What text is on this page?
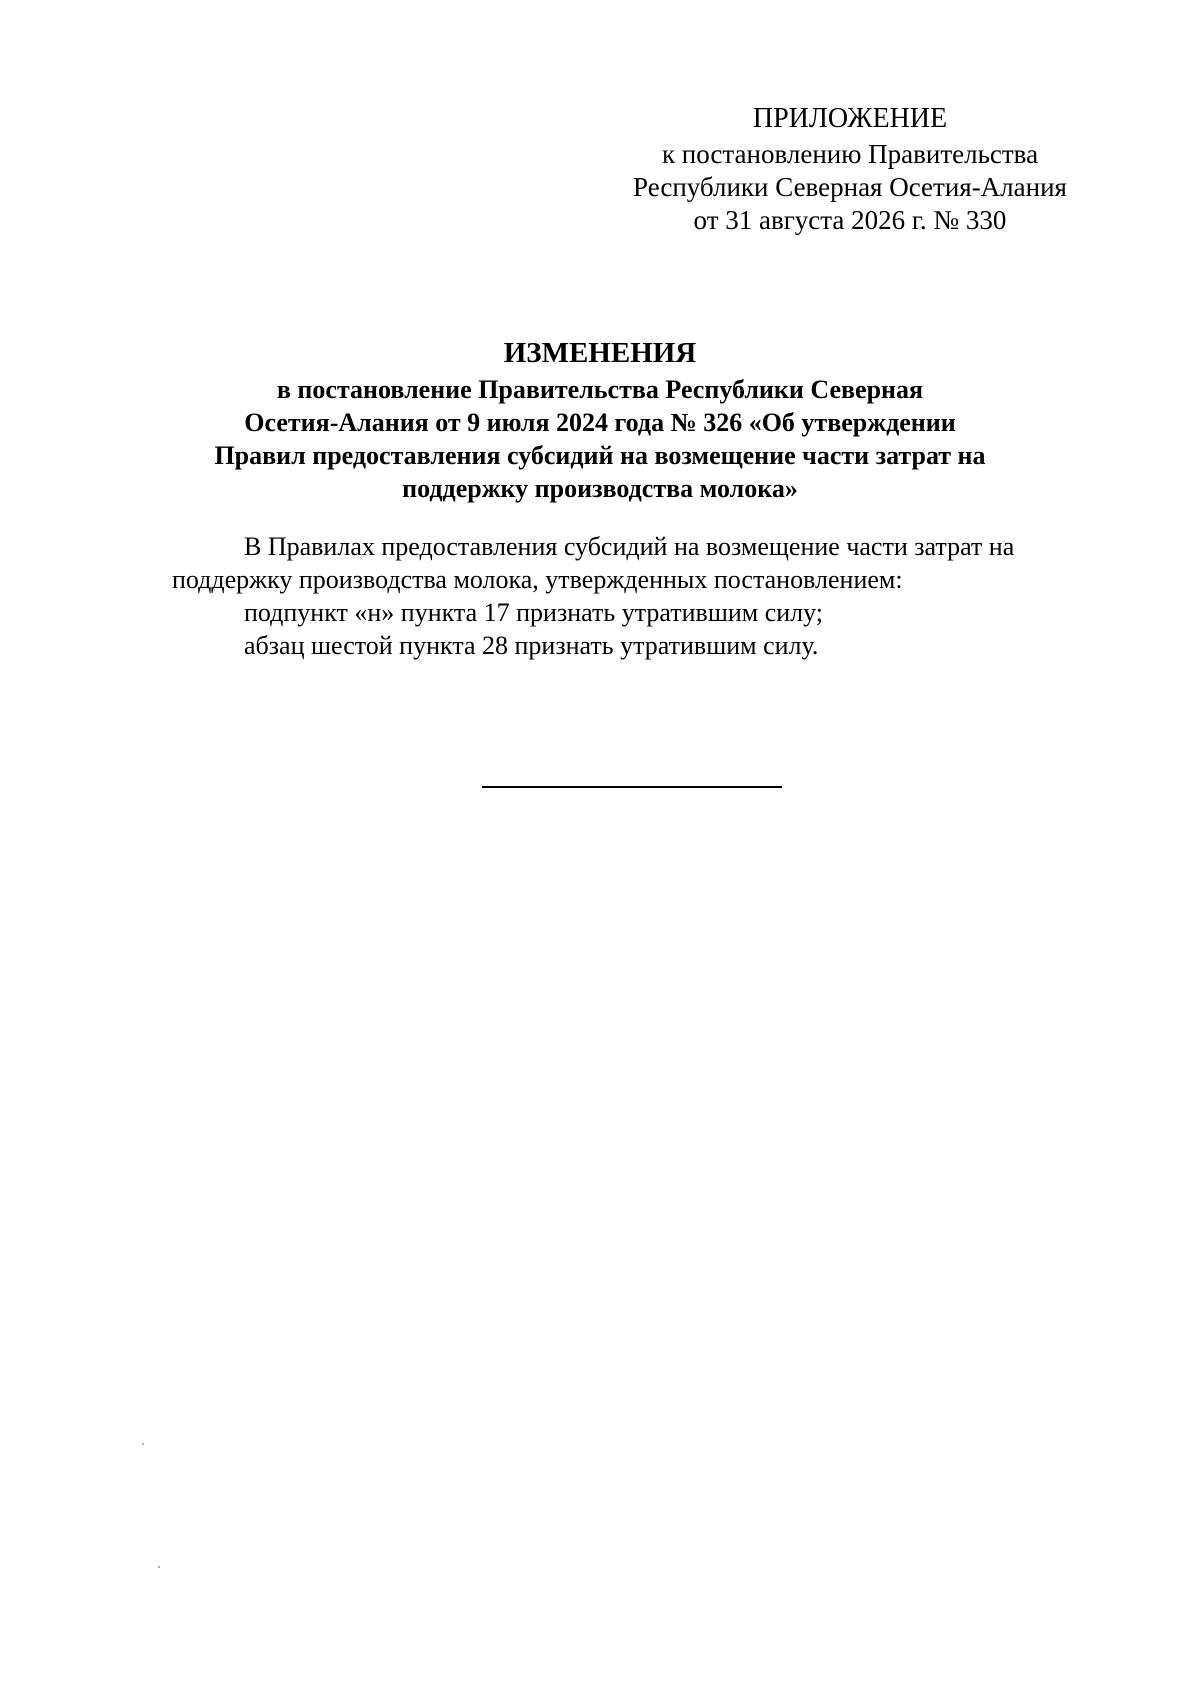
ПРИЛОЖЕНИЕ
к постановлению Правительства
Республики Северная Осетия-Алания
от 31 августа 2026 г. № 330
ИЗМЕНЕНИЯ
в постановление Правительства Республики Северная
Осетия-Алания от 9 июля 2024 года № 326 «Об утверждении
Правил предоставления субсидий на возмещение части затрат на
поддержку производства молока»
В Правилах предоставления субсидий на возмещение части затрат на
поддержку производства молока, утвержденных постановлением:
подпункт «н» пункта 17 признать утратившим силу;
абзац шестой пункта 28 признать утратившим силу.
